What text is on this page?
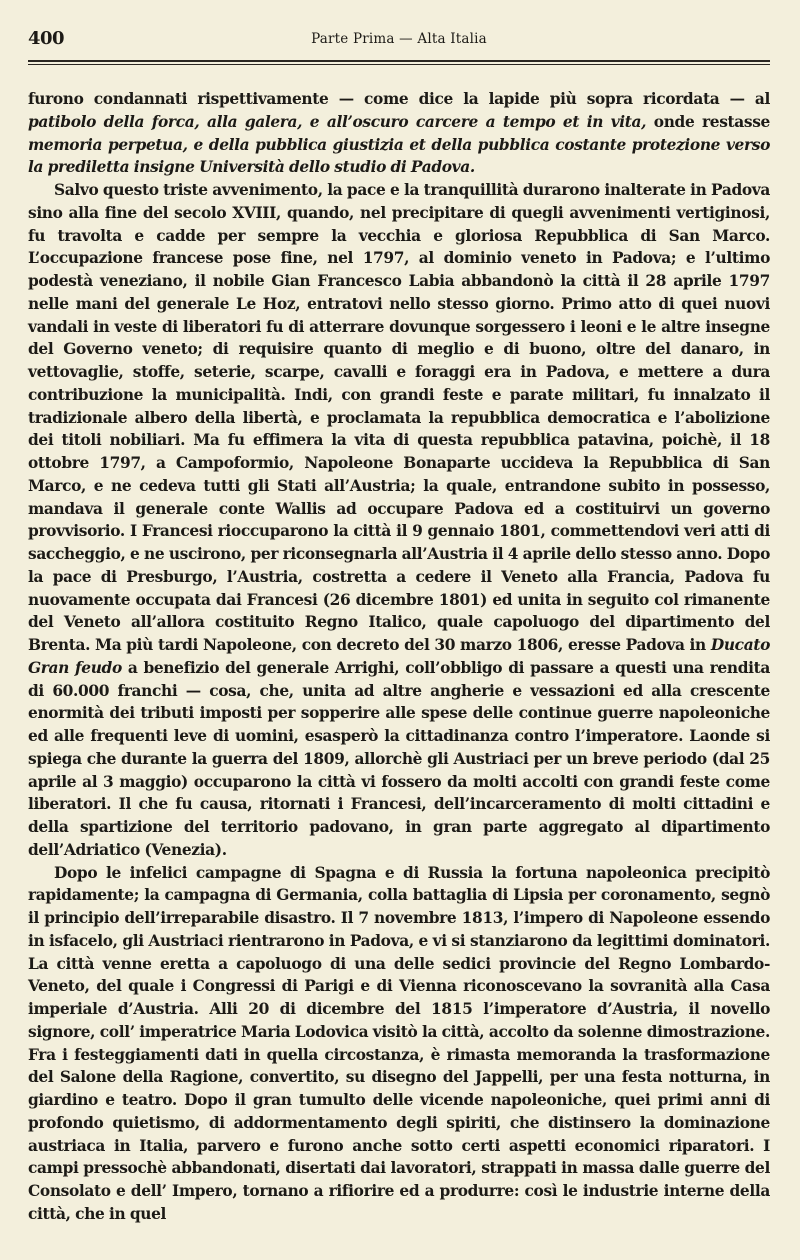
400	Parte Prima — Alta Italia

furono condannati rispettivamente — come dice la lapide più sopra ricordata — al patibolo della forca, alla galera, e all’oscuro carcere a tempo et in vita, onde restasse memoria perpetua, e della pubblica giustizia et della pubblica costante protezione verso la prediletta insigne Università dello studio di Padova.

Salvo questo triste avvenimento, la pace e la tranquillità durarono inalterate in Padova sino alla fine del secolo XVIII, quando, nel precipitare di quegli avvenimenti vertiginosi, fu travolta e cadde per sempre la vecchia e gloriosa Repubblica di San Marco. L’occupazione francese pose fine, nel 1797, al dominio veneto in Padova; e l’ultimo podestà veneziano, il nobile Gian Francesco Labia abbandonò la città il 28 aprile 1797 nelle mani del generale Le Hoz, entratovi nello stesso giorno. Primo atto di quei nuovi vandali in veste di liberatori fu di atterrare dovunque sorgessero i leoni e le altre insegne del Governo veneto; di requisire quanto di meglio e di buono, oltre del danaro, in vettovaglie, stoffe, seterie, scarpe, cavalli e foraggi era in Padova, e mettere a dura contribuzione la municipalità. Indi, con grandi feste e parate militari, fu innalzato il tradizionale albero della libertà, e proclamata la repubblica democratica e l’abolizione dei titoli nobiliari. Ma fu effimera la vita di questa repubblica patavina, poichè, il 18 ottobre 1797, a Campoformio, Napoleone Bonaparte uccideva la Repubblica di San Marco, e ne cedeva tutti gli Stati all’Austria; la quale, entrandone subito in possesso, mandava il generale conte Wallis ad occupare Padova ed a costituirvi un governo provvisorio. I Francesi rioccuparono la città il 9 gennaio 1801, commettendovi veri atti di saccheggio, e ne uscirono, per riconsegnarla all’Austria il 4 aprile dello stesso anno. Dopo la pace di Presburgo, l’Austria, costretta a cedere il Veneto alla Francia, Padova fu nuovamente occupata dai Francesi (26 dicembre 1801) ed unita in seguito col rimanente del Veneto all’allora costituito Regno Italico, quale capoluogo del dipartimento del Brenta. Ma più tardi Napoleone, con decreto del 30 marzo 1806, eresse Padova in Ducato Gran feudo a benefizio del generale Arrighi, coll’obbligo di passare a questi una rendita di 60.000 franchi — cosa, che, unita ad altre angherie e vessazioni ed alla crescente enormità dei tributi imposti per sopperire alle spese delle continue guerre napoleoniche ed alle frequenti leve di uomini, esasperò la cittadinanza contro l’imperatore. Laonde si spiega che durante la guerra del 1809, allorchè gli Austriaci per un breve periodo (dal 25 aprile al 3 maggio) occuparono la città vi fossero da molti accolti con grandi feste come liberatori. Il che fu causa, ritornati i Francesi, dell’incarceramento di molti cittadini e della spartizione del territorio padovano, in gran parte aggregato al dipartimento dell’Adriatico (Venezia).

Dopo le infelici campagne di Spagna e di Russia la fortuna napoleonica precipitò rapidamente; la campagna di Germania, colla battaglia di Lipsia per coronamento, segnò il principio dell’irreparabile disastro. Il 7 novembre 1813, l’impero di Napoleone essendo in isfacelo, gli Austriaci rientrarono in Padova, e vi si stanziarono da legittimi dominatori. La città venne eretta a capoluogo di una delle sedici provincie del Regno Lombardo-Veneto, del quale i Congressi di Parigi e di Vienna riconoscevano la sovranità alla Casa imperiale d’Austria. Alli 20 di dicembre del 1815 l’imperatore d’Austria, il novello signore, coll’ imperatrice Maria Lodovica visitò la città, accolto da solenne dimostrazione. Fra i festeggiamenti dati in quella circostanza, è rimasta memoranda la trasformazione del Salone della Ragione, convertito, su disegno del Jappelli, per una festa notturna, in giardino e teatro. Dopo il gran tumulto delle vicende napoleoniche, quei primi anni di profondo quietismo, di addormentamento degli spiriti, che distinsero la dominazione austriaca in Italia, parvero e furono anche sotto certi aspetti economici riparatori. I campi pressochè abbandonati, disertati dai lavoratori, strappati in massa dalle guerre del Consolato e dell’ Impero, tornano a rifiorire ed a produrre: così le industrie interne della città, che in quel
